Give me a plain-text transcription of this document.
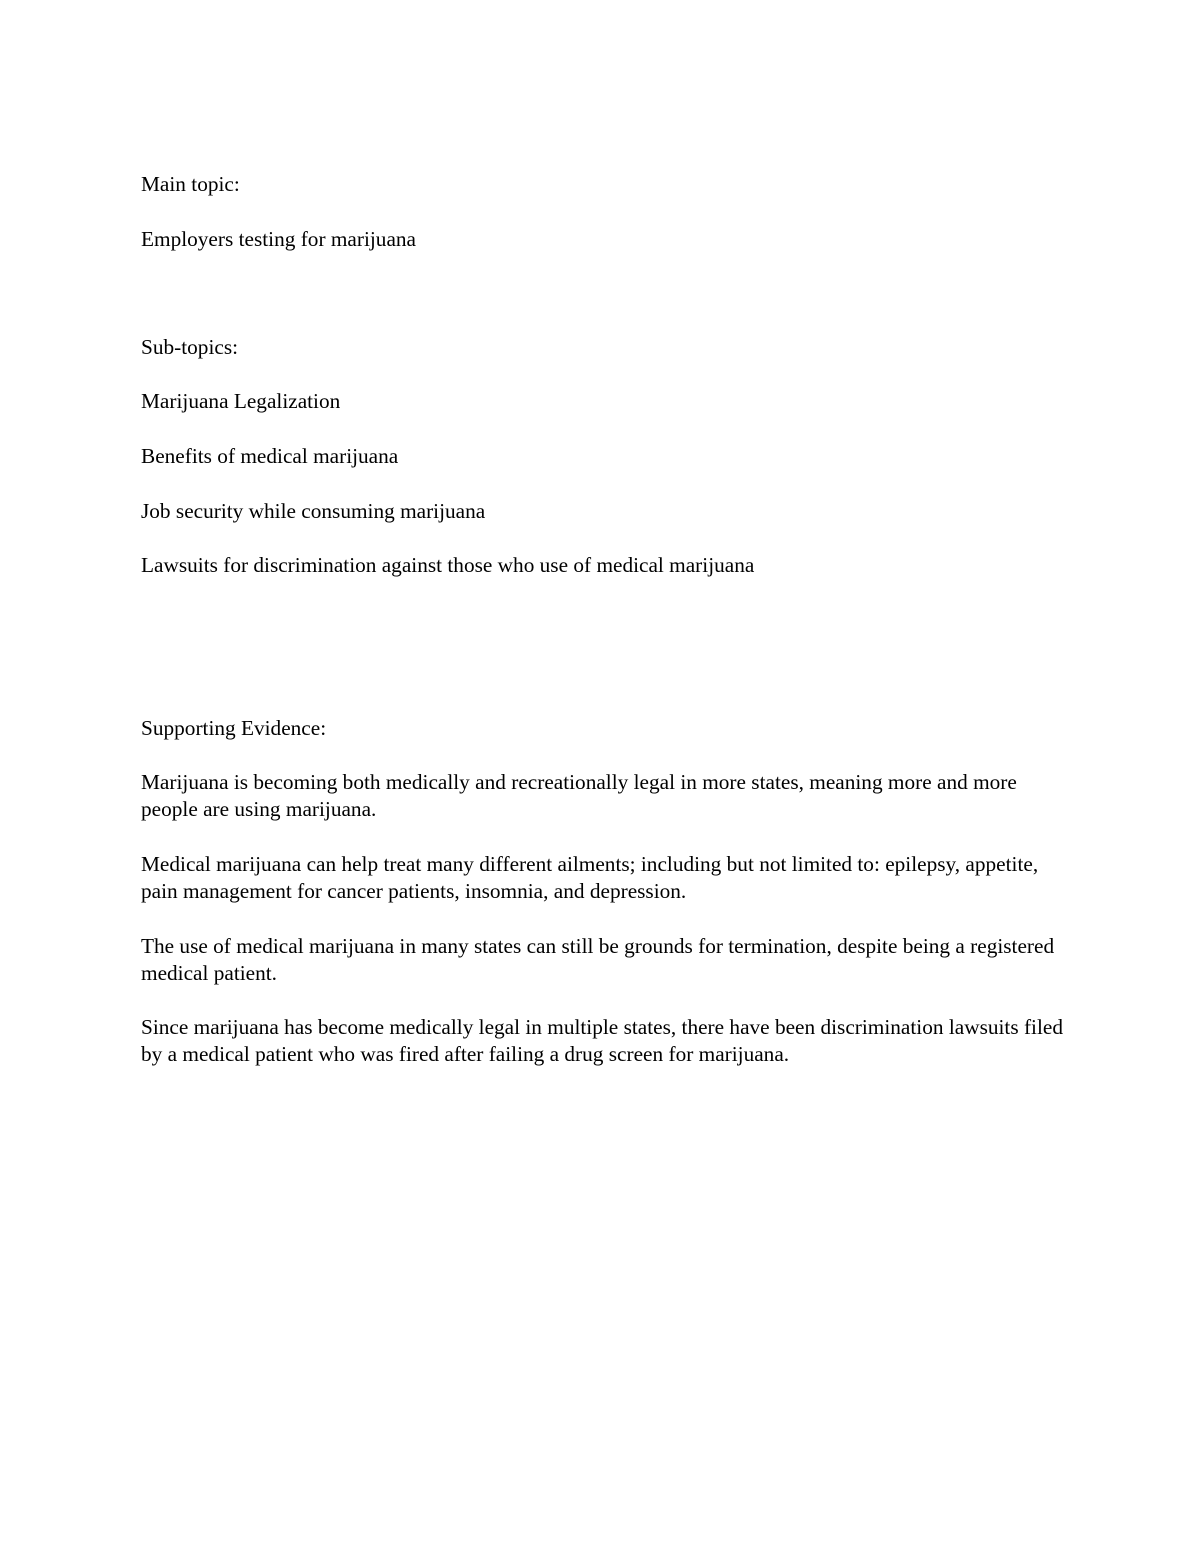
Main topic:

Employers testing for marijuana

Sub-topics:

Marijuana Legalization

Benefits of medical marijuana

Job security while consuming marijuana

Lawsuits for discrimination against those who use of medical marijuana

Supporting Evidence:

Marijuana is becoming both medically and recreationally legal in more states, meaning more and more people are using marijuana.

Medical marijuana can help treat many different ailments; including but not limited to: epilepsy, appetite, pain management for cancer patients, insomnia, and depression.

The use of medical marijuana in many states can still be grounds for termination, despite being a registered medical patient.

Since marijuana has become medically legal in multiple states, there have been discrimination lawsuits filed by a medical patient who was fired after failing a drug screen for marijuana.
